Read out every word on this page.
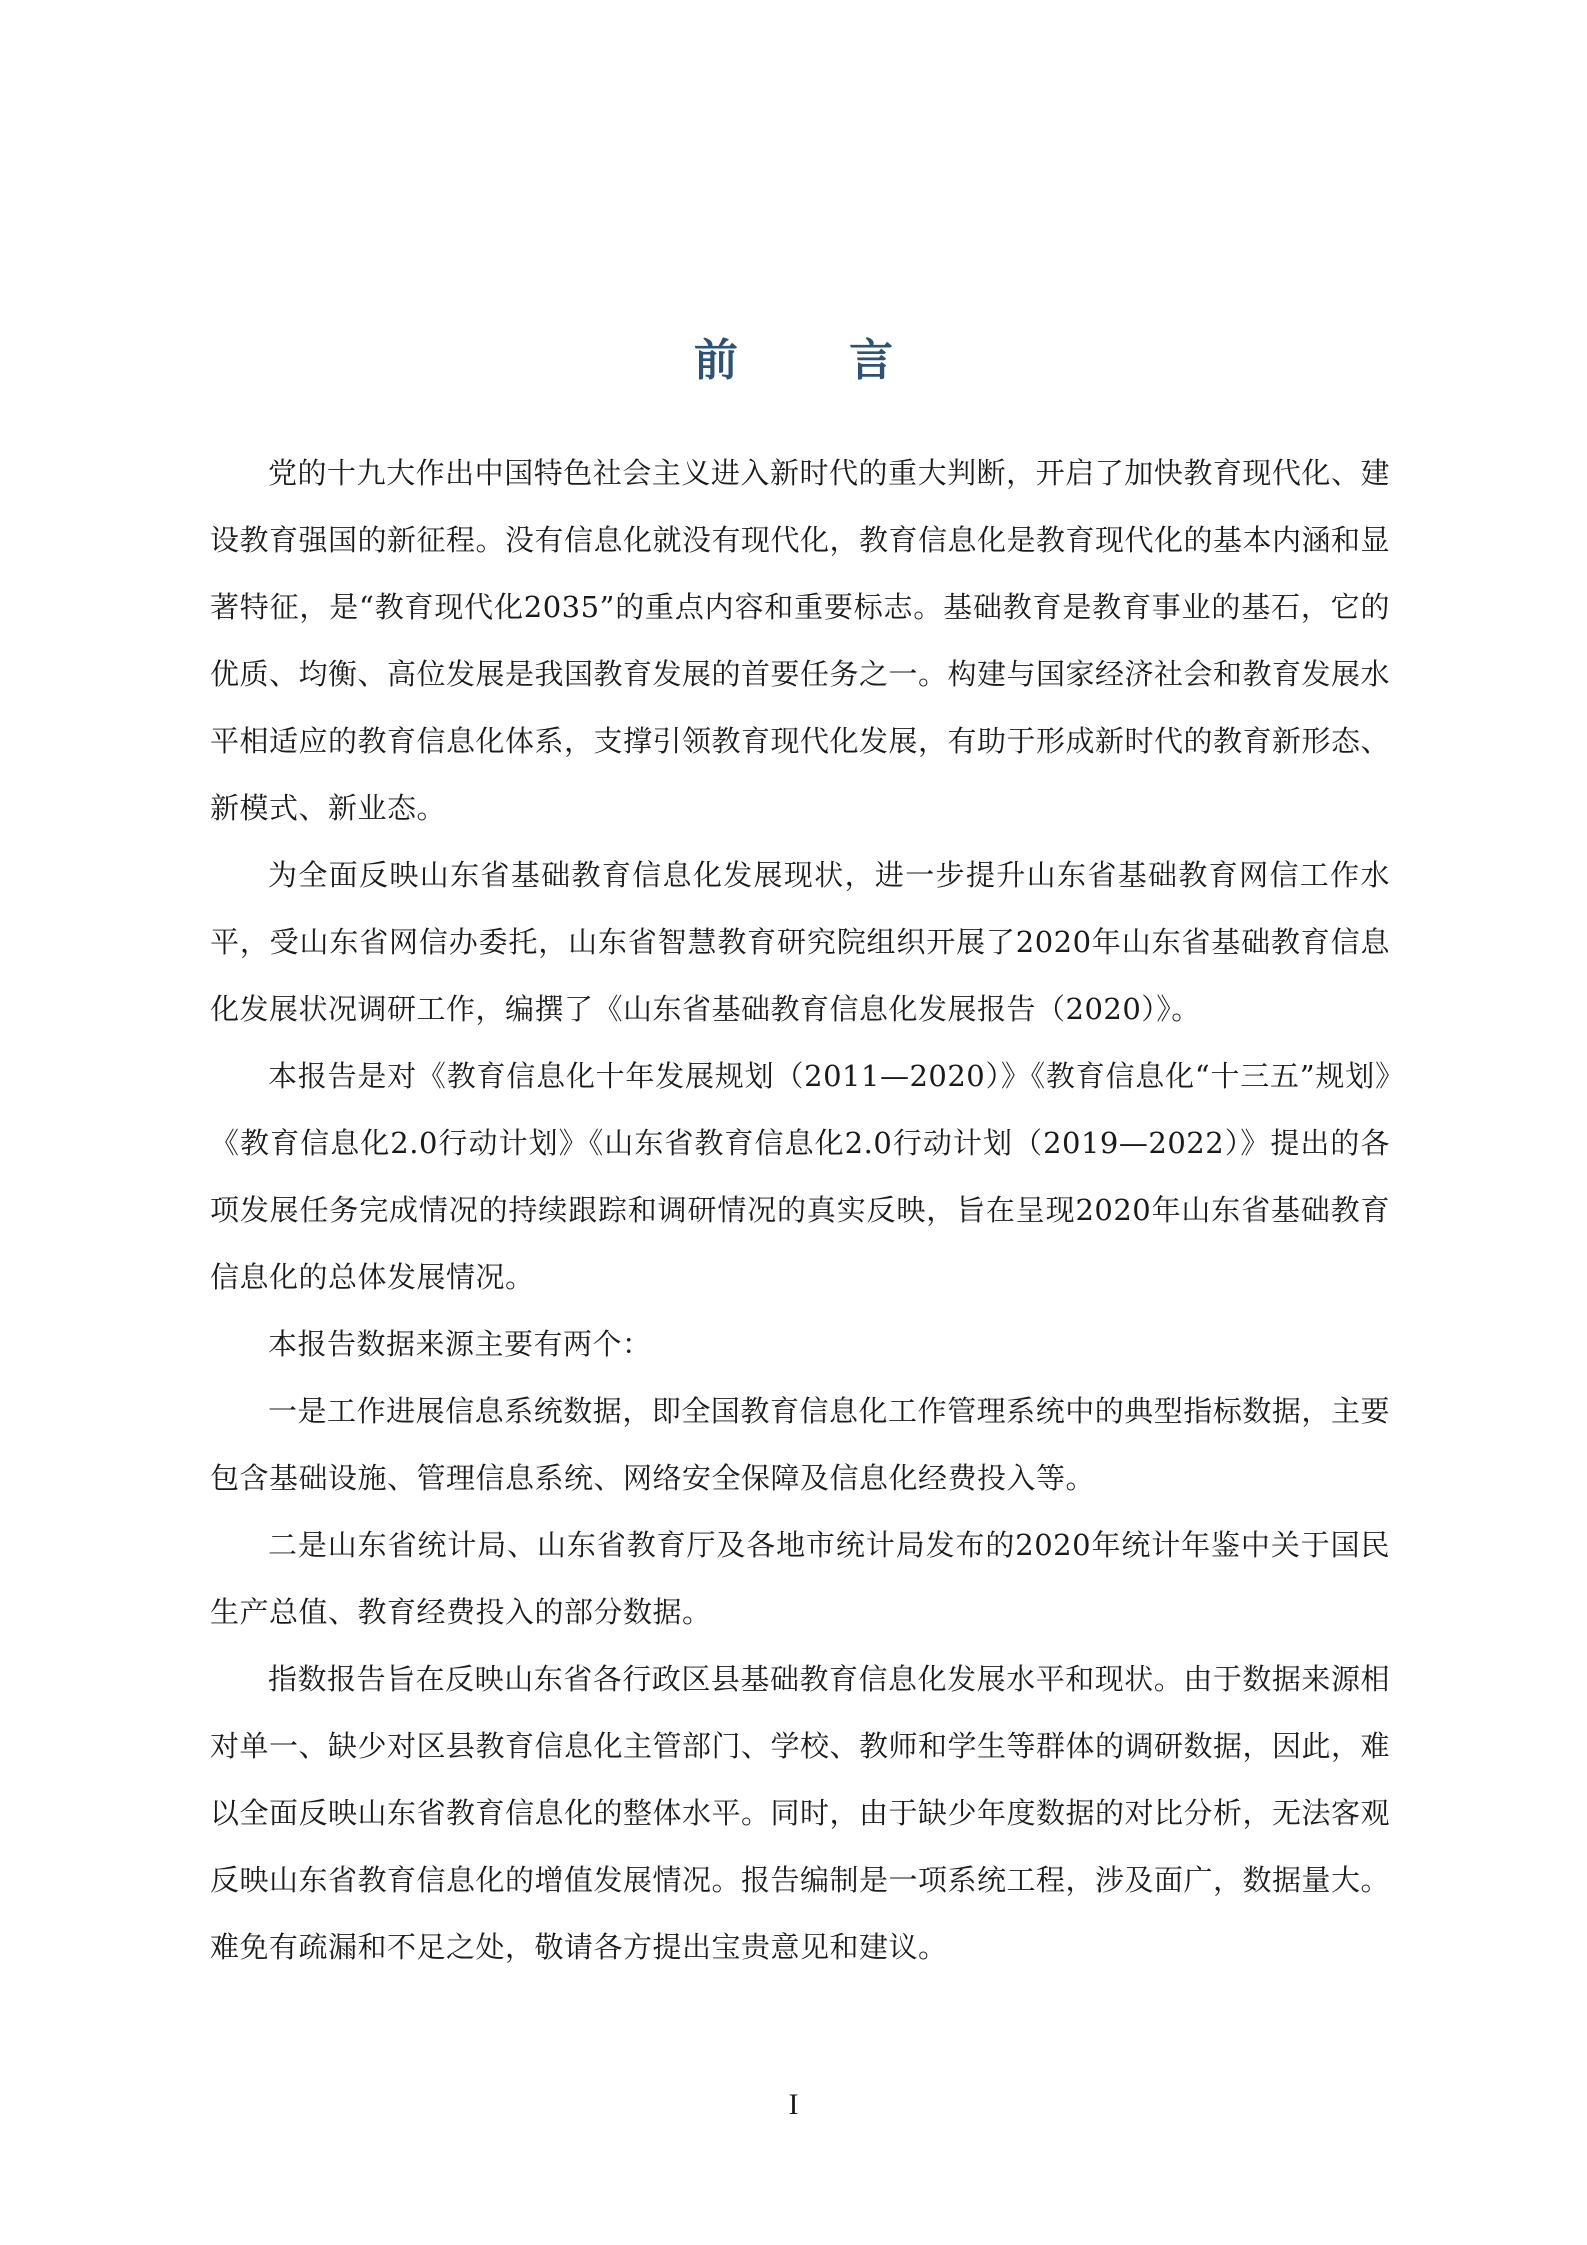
前 言

党的十九大作出中国特色社会主义进入新时代的重大判断，开启了加快教育现代化、建设教育强国的新征程。没有信息化就没有现代化，教育信息化是教育现代化的基本内涵和显著特征，是“教育现代化2035”的重点内容和重要标志。基础教育是教育事业的基石，它的优质、均衡、高位发展是我国教育发展的首要任务之一。构建与国家经济社会和教育发展水平相适应的教育信息化体系，支撑引领教育现代化发展，有助于形成新时代的教育新形态、新模式、新业态。

为全面反映山东省基础教育信息化发展现状，进一步提升山东省基础教育网信工作水平，受山东省网信办委托，山东省智慧教育研究院组织开展了2020年山东省基础教育信息化发展状况调研工作，编撰了《山东省基础教育信息化发展报告（2020）》。

本报告是对《教育信息化十年发展规划（2011—2020）》《教育信息化“十三五”规划》《教育信息化2.0行动计划》《山东省教育信息化2.0行动计划（2019—2022）》提出的各项发展任务完成情况的持续跟踪和调研情况的真实反映，旨在呈现2020年山东省基础教育信息化的总体发展情况。

本报告数据来源主要有两个：

一是工作进展信息系统数据，即全国教育信息化工作管理系统中的典型指标数据，主要包含基础设施、管理信息系统、网络安全保障及信息化经费投入等。

二是山东省统计局、山东省教育厅及各地市统计局发布的2020年统计年鉴中关于国民生产总值、教育经费投入的部分数据。

指数报告旨在反映山东省各行政区县基础教育信息化发展水平和现状。由于数据来源相对单一、缺少对区县教育信息化主管部门、学校、教师和学生等群体的调研数据，因此，难以全面反映山东省教育信息化的整体水平。同时，由于缺少年度数据的对比分析，无法客观反映山东省教育信息化的增值发展情况。报告编制是一项系统工程，涉及面广，数据量大。难免有疏漏和不足之处，敬请各方提出宝贵意见和建议。

I
